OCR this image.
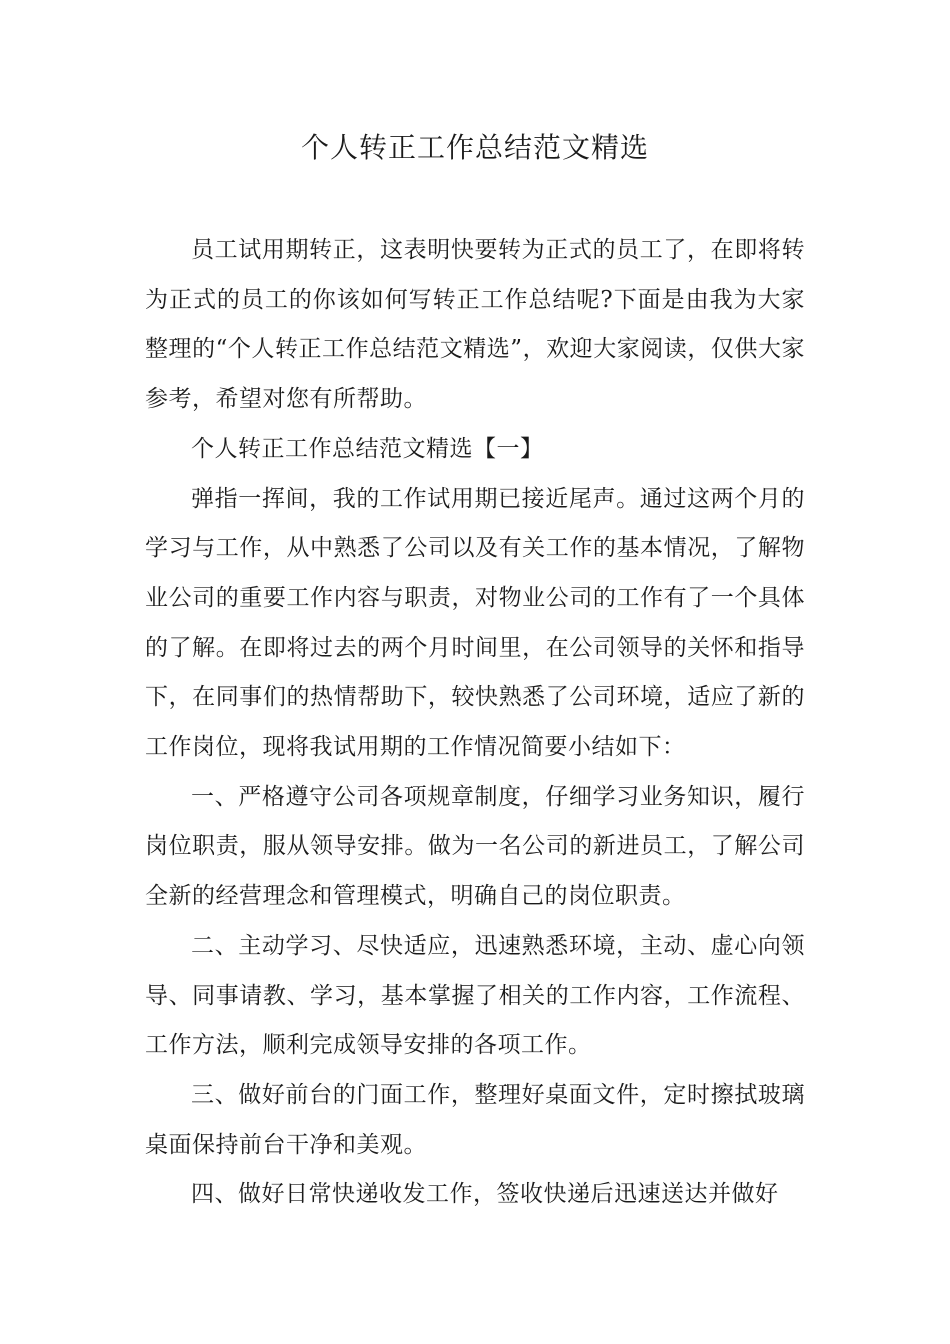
个人转正工作总结范文精选

员工试用期转正，这表明快要转为正式的员工了，在即将转为正式的员工的你该如何写转正工作总结呢?下面是由我为大家整理的“个人转正工作总结范文精选”，欢迎大家阅读，仅供大家参考，希望对您有所帮助。

个人转正工作总结范文精选【一】

弹指一挥间，我的工作试用期已接近尾声。通过这两个月的学习与工作，从中熟悉了公司以及有关工作的基本情况，了解物业公司的重要工作内容与职责，对物业公司的工作有了一个具体的了解。在即将过去的两个月时间里，在公司领导的关怀和指导下，在同事们的热情帮助下，较快熟悉了公司环境，适应了新的工作岗位，现将我试用期的工作情况简要小结如下：

一、严格遵守公司各项规章制度，仔细学习业务知识，履行岗位职责，服从领导安排。做为一名公司的新进员工，了解公司全新的经营理念和管理模式，明确自己的岗位职责。

二、主动学习、尽快适应，迅速熟悉环境，主动、虚心向领导、同事请教、学习，基本掌握了相关的工作内容，工作流程、工作方法，顺利完成领导安排的各项工作。

三、做好前台的门面工作，整理好桌面文件，定时擦拭玻璃桌面保持前台干净和美观。

四、做好日常快递收发工作，签收快递后迅速送达并做好
